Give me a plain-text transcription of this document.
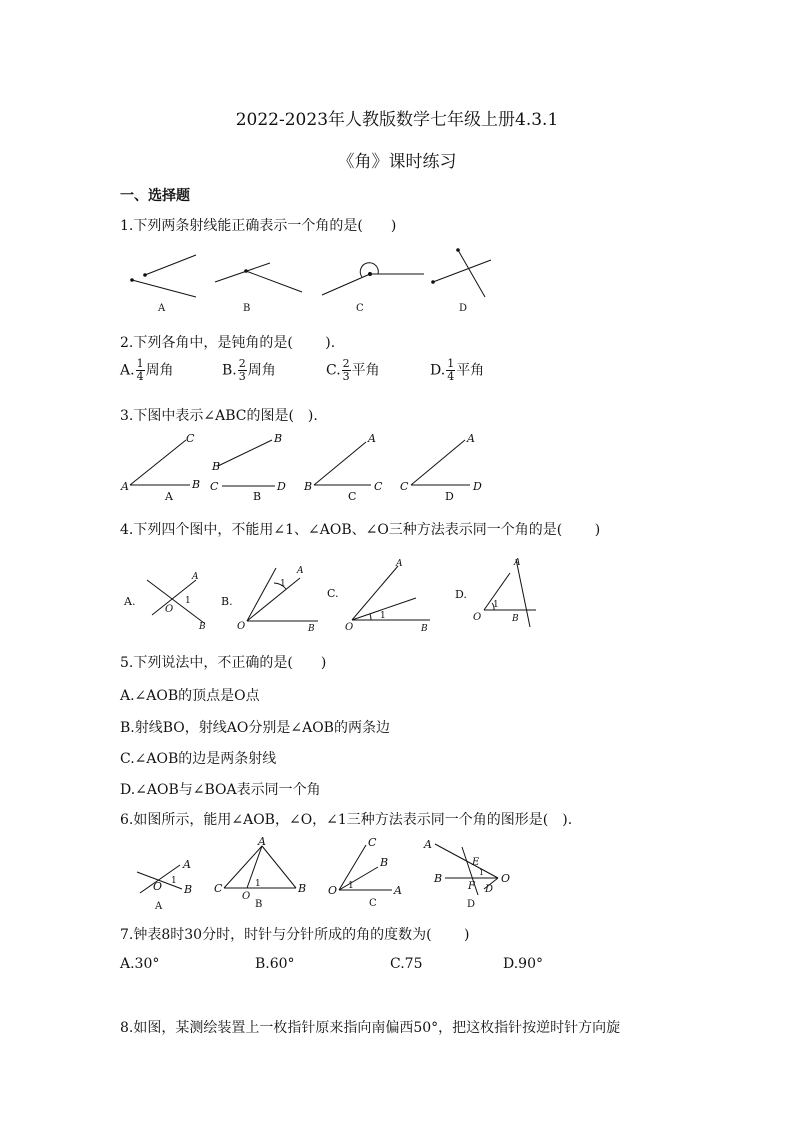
2022-2023年人教版数学七年级上册4.3.1
《角》课时练习
一、选择题
1.下列两条射线能正确表示一个角的是(　　)
A	B	C	D
2.下列各角中，是钝角的是(　　 ).
A. $\frac{1}{4}$ 周角	B. $\frac{2}{3}$ 周角	C. $\frac{2}{3}$ 平角	D. $\frac{1}{4}$ 平角
3.下图中表示∠ABC的图是(　).
A
C
B
A
B
B
C	D
B
B
A
C
C
C
A
D
D
4.下列四个图中，不能用∠1、∠AOB、∠O三种方法表示同一个角的是(　　 )
A.
A
O
1
B
B.
A
1
O	B
C.
A
1
O	B
D.
A
1
O	B
5.下列说法中，不正确的是(　　)
A.∠AOB的顶点是O点
B.射线BO，射线AO分别是∠AOB的两条边
C.∠AOB的边是两条射线
D.∠AOB与∠BOA表示同一个角
6.如图所示，能用∠AOB，∠O，∠1三种方法表示同一个角的图形是(　).
A
O 1
B
A
A
C
O
1	B
B
C
B
O 1	A
C
A
B
E
F
1
D
O
D
7.钟表8时30分时，时针与分针所成的角的度数为(　　 )
A.30°	B.60°	C.75	D.90°
8.如图，某测绘装置上一枚指针原来指向南偏西50°，把这枚指针按逆时针方向旋
